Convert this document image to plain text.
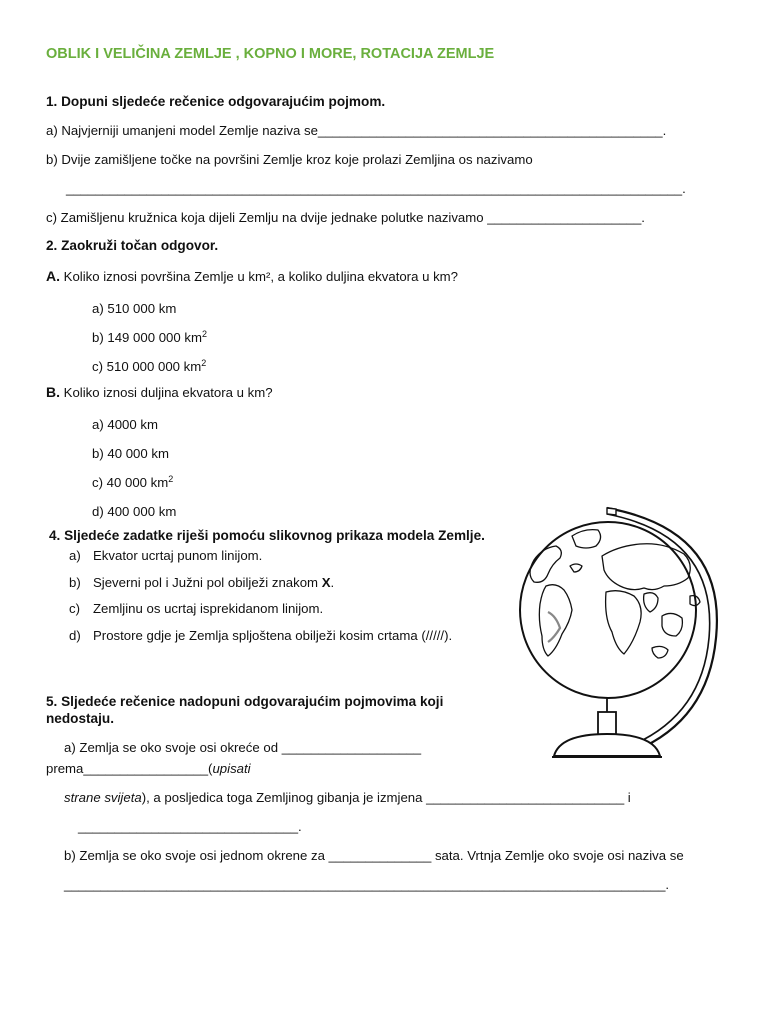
OBLIK I VELIČINA ZEMLJE , KOPNO I MORE, ROTACIJA ZEMLJE
1. Dopuni sljedeće rečenice odgovarajućim pojmom.
a) Najvjerniji umanjeni model Zemlje naziva se_______________________________________________.
b) Dvije zamišljene točke na površini Zemlje kroz koje prolazi Zemljina os nazivamo
____________________________________________________________________________________.
c) Zamišljenu kružnica koja dijeli Zemlju na dvije jednake polutke nazivamo _____________________.
2. Zaokruži točan odgovor.
A. Koliko iznosi površina Zemlje u km², a koliko duljina ekvatora u km?
a) 510 000 km
b) 149 000 000 $km^2$
c) 510 000 000 $km^2$
B. Koliko iznosi duljina ekvatora u km?
a) 4000 km
b) 40 000 km
c) 40 000 $km^2$
d) 400 000 km
4. Sljedeće zadatke riješi pomoću slikovnog prikaza modela Zemlje.
a) Ekvator ucrtaj punom linijom.
b) Sjeverni pol i Južni pol obilježi znakom X.
c) Zemljinu os ucrtaj isprekidanom linijom.
d) Prostore gdje je Zemlja spljoštena obilježi kosim crtama (/////).
5. Sljedeće rečenice nadopuni odgovarajućim pojmovima koji
nedostaju.
a) Zemlja se oko svoje osi okreće od ___________________
prema_________________(upisati
strane svijeta), a posljedica toga Zemljinog gibanja je izmjena ___________________________ i
______________________________.
b) Zemlja se oko svoje osi jednom okrene za ______________ sata. Vrtnja Zemlje oko svoje osi naziva se
__________________________________________________________________________________.
